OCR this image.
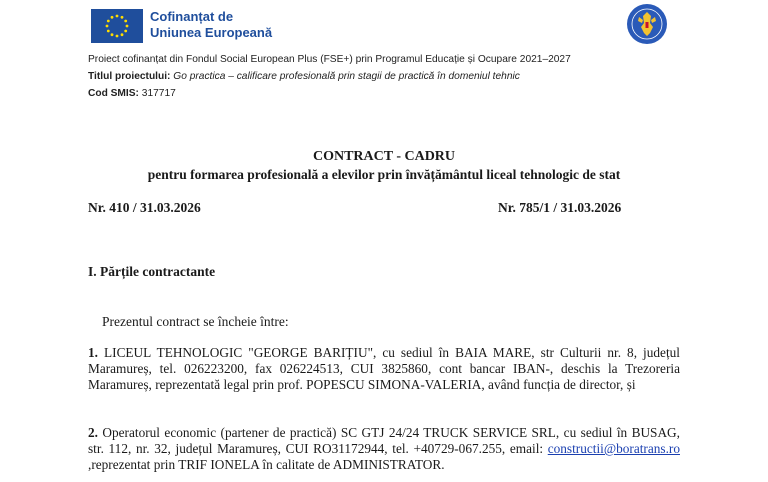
Cofinanțat de
Uniunea Europeană
Proiect cofinanțat din Fondul Social European Plus (FSE+) prin Programul Educație și Ocupare 2021–2027
Titlul proiectului: Go practica – calificare profesională prin stagii de practică în domeniul tehnic
Cod SMIS: 317717
CONTRACT - CADRU
pentru formarea profesională a elevilor prin învățământul liceal tehnologic de stat
Nr. 410 / 31.03.2026	Nr. 785/1 / 31.03.2026
I. Părțile contractante
Prezentul contract se încheie între:
1. LICEUL TEHNOLOGIC "GEORGE BARIȚIU", cu sediul în BAIA MARE, str Culturii nr. 8, județul Maramureș, tel. 026223200, fax 026224513, CUI 3825860, cont bancar IBAN-, deschis la Trezoreria Maramureș, reprezentată legal prin prof. POPESCU SIMONA-VALERIA, având funcția de director, și
2. Operatorul economic (partener de practică) SC GTJ 24/24 TRUCK SERVICE SRL, cu sediul în BUSAG, str. 112, nr. 32, județul Maramureș, CUI RO31172944, tel. +40729-067.255, email: constructii@boratrans.ro ,reprezentat prin TRIF IONELA în calitate de ADMINISTRATOR.
